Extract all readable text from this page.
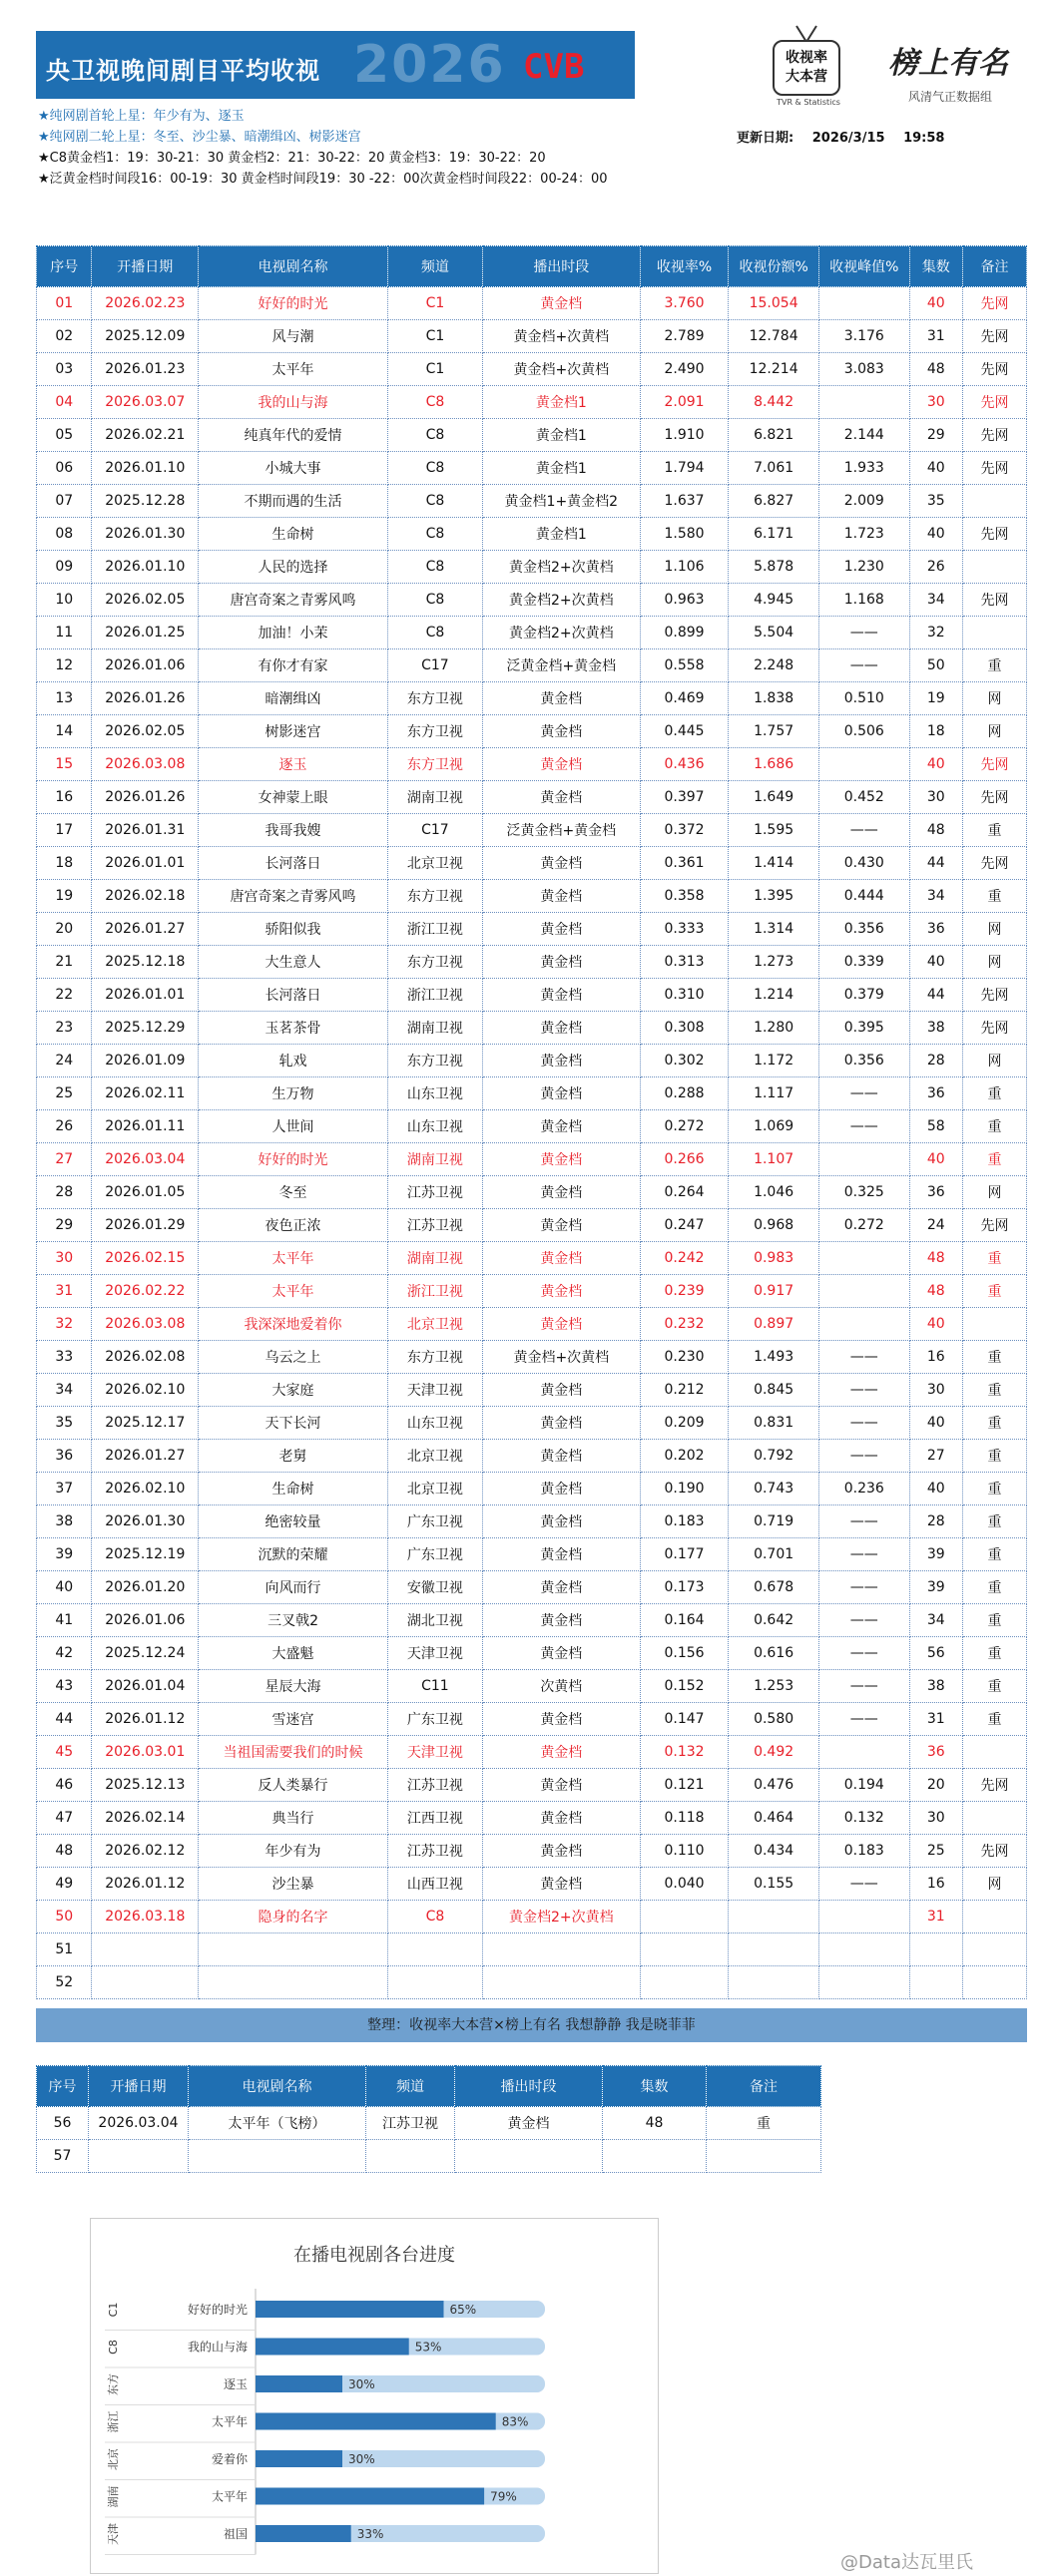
央卫视晚间剧目平均收视 2026 CVB	收视率
大本营
TVR & Statistics
榜上有名
风清气正数据组
★纯网剧首轮上星：年少有为、逐玉
★纯网剧二轮上星：冬至、沙尘暴、暗潮缉凶、树影迷宫
★C8黄金档1：19：30-21：30 黄金档2：21：30-22：20 黄金档3：19：30-22：20
★泛黄金档时间段16：00-19：30 黄金档时间段19：30 -22：00次黄金档时间段22：00-24：00
更新日期: 2026/3/15 19:58
序号	开播日期	电视剧名称	频道	播出时段	收视率%	收视份额%	收视峰值%	集数	备注
01	2026.02.23	好好的时光	C1	黄金档	3.760	15.054		40	先网
02	2025.12.09	风与潮	C1	黄金档+次黄档	2.789	12.784	3.176	31	先网
03	2026.01.23	太平年	C1	黄金档+次黄档	2.490	12.214	3.083	48	先网
04	2026.03.07	我的山与海	C8	黄金档1	2.091	8.442		30	先网
05	2026.02.21	纯真年代的爱情	C8	黄金档1	1.910	6.821	2.144	29	先网
06	2026.01.10	小城大事	C8	黄金档1	1.794	7.061	1.933	40	先网
07	2025.12.28	不期而遇的生活	C8	黄金档1+黄金档2	1.637	6.827	2.009	35	
08	2026.01.30	生命树	C8	黄金档1	1.580	6.171	1.723	40	先网
09	2026.01.10	人民的选择	C8	黄金档2+次黄档	1.106	5.878	1.230	26	
10	2026.02.05	唐宫奇案之青雾风鸣	C8	黄金档2+次黄档	0.963	4.945	1.168	34	先网
11	2026.01.25	加油！小茉	C8	黄金档2+次黄档	0.899	5.504	——	32	
12	2026.01.06	有你才有家	C17	泛黄金档+黄金档	0.558	2.248	——	50	重
13	2026.01.26	暗潮缉凶	东方卫视	黄金档	0.469	1.838	0.510	19	网
14	2026.02.05	树影迷宫	东方卫视	黄金档	0.445	1.757	0.506	18	网
15	2026.03.08	逐玉	东方卫视	黄金档	0.436	1.686		40	先网
16	2026.01.26	女神蒙上眼	湖南卫视	黄金档	0.397	1.649	0.452	30	先网
17	2026.01.31	我哥我嫂	C17	泛黄金档+黄金档	0.372	1.595	——	48	重
18	2026.01.01	长河落日	北京卫视	黄金档	0.361	1.414	0.430	44	先网
19	2026.02.18	唐宫奇案之青雾风鸣	东方卫视	黄金档	0.358	1.395	0.444	34	重
20	2026.01.27	骄阳似我	浙江卫视	黄金档	0.333	1.314	0.356	36	网
21	2025.12.18	大生意人	东方卫视	黄金档	0.313	1.273	0.339	40	网
22	2026.01.01	长河落日	浙江卫视	黄金档	0.310	1.214	0.379	44	先网
23	2025.12.29	玉茗茶骨	湖南卫视	黄金档	0.308	1.280	0.395	38	先网
24	2026.01.09	轧戏	东方卫视	黄金档	0.302	1.172	0.356	28	网
25	2026.02.11	生万物	山东卫视	黄金档	0.288	1.117	——	36	重
26	2026.01.11	人世间	山东卫视	黄金档	0.272	1.069	——	58	重
27	2026.03.04	好好的时光	湖南卫视	黄金档	0.266	1.107		40	重
28	2026.01.05	冬至	江苏卫视	黄金档	0.264	1.046	0.325	36	网
29	2026.01.29	夜色正浓	江苏卫视	黄金档	0.247	0.968	0.272	24	先网
30	2026.02.15	太平年	湖南卫视	黄金档	0.242	0.983		48	重
31	2026.02.22	太平年	浙江卫视	黄金档	0.239	0.917		48	重
32	2026.03.08	我深深地爱着你	北京卫视	黄金档	0.232	0.897		40	
33	2026.02.08	乌云之上	东方卫视	黄金档+次黄档	0.230	1.493	——	16	重
34	2026.02.10	大家庭	天津卫视	黄金档	0.212	0.845	——	30	重
35	2025.12.17	天下长河	山东卫视	黄金档	0.209	0.831	——	40	重
36	2026.01.27	老舅	北京卫视	黄金档	0.202	0.792	——	27	重
37	2026.02.10	生命树	北京卫视	黄金档	0.190	0.743	0.236	40	重
38	2026.01.30	绝密较量	广东卫视	黄金档	0.183	0.719	——	28	重
39	2025.12.19	沉默的荣耀	广东卫视	黄金档	0.177	0.701	——	39	重
40	2026.01.20	向风而行	安徽卫视	黄金档	0.173	0.678	——	39	重
41	2026.01.06	三叉戟2	湖北卫视	黄金档	0.164	0.642	——	34	重
42	2025.12.24	大盛魁	天津卫视	黄金档	0.156	0.616	——	56	重
43	2026.01.04	星辰大海	C11	次黄档	0.152	1.253	——	38	重
44	2026.01.12	雪迷宫	广东卫视	黄金档	0.147	0.580	——	31	重
45	2026.03.01	当祖国需要我们的时候	天津卫视	黄金档	0.132	0.492		36	
46	2025.12.13	反人类暴行	江苏卫视	黄金档	0.121	0.476	0.194	20	先网
47	2026.02.14	典当行	江西卫视	黄金档	0.118	0.464	0.132	30	
48	2026.02.12	年少有为	江苏卫视	黄金档	0.110	0.434	0.183	25	先网
49	2026.01.12	沙尘暴	山西卫视	黄金档	0.040	0.155	——	16	网
50	2026.03.18	隐身的名字	C8	黄金档2+次黄档				31	
51									
52									
整理：收视率大本营×榜上有名 我想静静 我是晓菲菲
序号	开播日期	电视剧名称	频道	播出时段	集数	备注
56	2026.03.04	太平年（飞榜）	江苏卫视	黄金档	48	重
57						
在播电视剧各台进度
65%
好好的时光
C1
53%
我的山与海
C8
30%
逐玉
东方
83%
太平年
浙江
30%
爱着你
北京
79%
太平年
湖南
33%
祖国
天津
@Data达瓦里氏
